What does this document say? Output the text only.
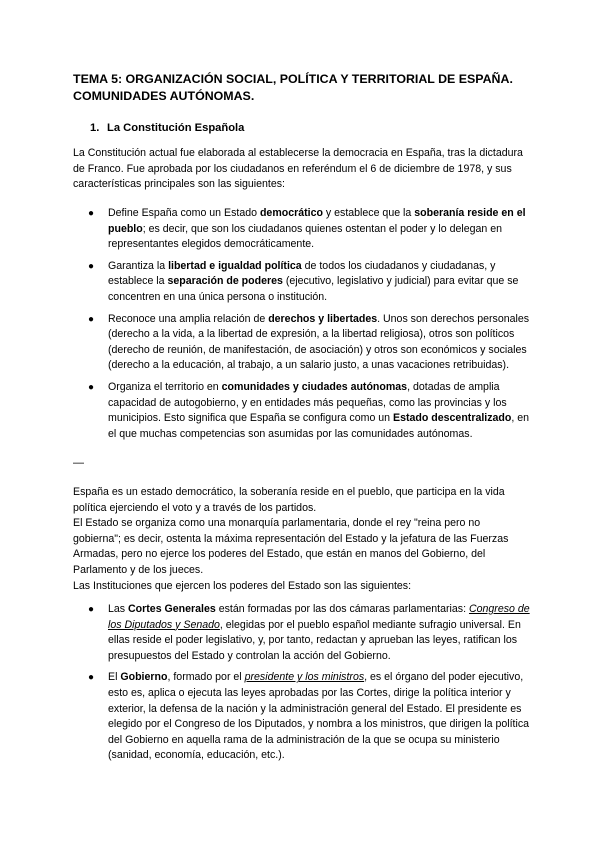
TEMA 5: ORGANIZACIÓN SOCIAL, POLÍTICA Y TERRITORIAL DE ESPAÑA. COMUNIDADES AUTÓNOMAS.
1. La Constitución Española
La Constitución actual fue elaborada al establecerse la democracia en España, tras la dictadura de Franco. Fue aprobada por los ciudadanos en referéndum el 6 de diciembre de 1978, y sus características principales son las siguientes:
● Define España como un Estado democrático y establece que la soberanía reside en el pueblo; es decir, que son los ciudadanos quienes ostentan el poder y lo delegan en representantes elegidos democráticamente.
● Garantiza la libertad e igualdad política de todos los ciudadanos y ciudadanas, y establece la separación de poderes (ejecutivo, legislativo y judicial) para evitar que se concentren en una única persona o institución.
● Reconoce una amplia relación de derechos y libertades. Unos son derechos personales (derecho a la vida, a la libertad de expresión, a la libertad religiosa), otros son políticos (derecho de reunión, de manifestación, de asociación) y otros son económicos y sociales (derecho a la educación, al trabajo, a un salario justo, a unas vacaciones retribuidas).
● Organiza el territorio en comunidades y ciudades autónomas, dotadas de amplia capacidad de autogobierno, y en entidades más pequeñas, como las provincias y los municipios. Esto significa que España se configura como un Estado descentralizado, en el que muchas competencias son asumidas por las comunidades autónomas.
—
España es un estado democrático, la soberanía reside en el pueblo, que participa en la vida política ejerciendo el voto y a través de los partidos.
El Estado se organiza como una monarquía parlamentaria, donde el rey "reina pero no gobierna"; es decir, ostenta la máxima representación del Estado y la jefatura de las Fuerzas Armadas, pero no ejerce los poderes del Estado, que están en manos del Gobierno, del Parlamento y de los jueces.
Las Instituciones que ejercen los poderes del Estado son las siguientes:
● Las Cortes Generales están formadas por las dos cámaras parlamentarias: Congreso de los Diputados y Senado, elegidas por el pueblo español mediante sufragio universal. En ellas reside el poder legislativo, y, por tanto, redactan y aprueban las leyes, ratifican los presupuestos del Estado y controlan la acción del Gobierno.
● El Gobierno, formado por el presidente y los ministros, es el órgano del poder ejecutivo, esto es, aplica o ejecuta las leyes aprobadas por las Cortes, dirige la política interior y exterior, la defensa de la nación y la administración general del Estado. El presidente es elegido por el Congreso de los Diputados, y nombra a los ministros, que dirigen la política del Gobierno en aquella rama de la administración de la que se ocupa su ministerio (sanidad, economía, educación, etc.).
